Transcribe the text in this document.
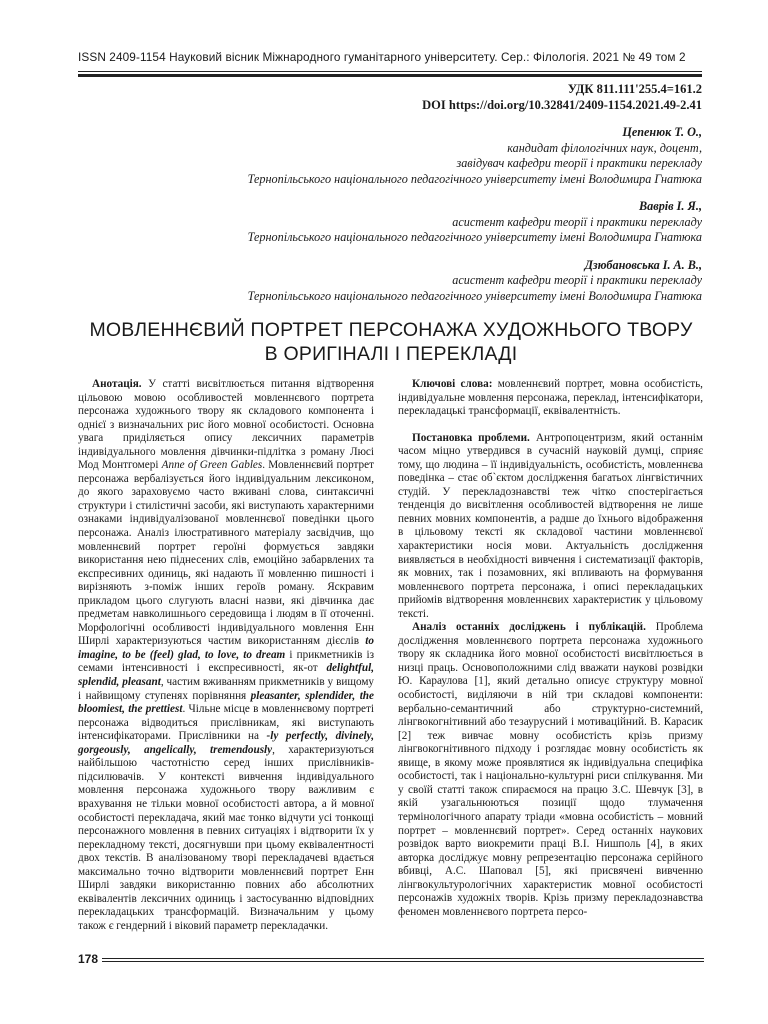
ISSN 2409-1154 Науковий вісник Міжнародного гуманітарного університету. Сер.: Філологія. 2021 № 49 том 2
УДК 811.111'255.4=161.2
DOI https://doi.org/10.32841/2409-1154.2021.49-2.41
Цепенюк Т. О.,
кандидат філологічних наук, доцент,
завідувач кафедри теорії і практики перекладу
Тернопільського національного педагогічного університету імені Володимира Гнатюка
Ваврів І. Я.,
асистент кафедри теорії і практики перекладу
Тернопільського національного педагогічного університету імені Володимира Гнатюка
Дзюбановська І. А. В.,
асистент кафедри теорії і практики перекладу
Тернопільського національного педагогічного університету імені Володимира Гнатюка
МОВЛЕННЄВИЙ ПОРТРЕТ ПЕРСОНАЖА ХУДОЖНЬОГО ТВОРУ
В ОРИГІНАЛІ І ПЕРЕКЛАДІ

Анотація. У статті висвітлюється питання відтворення цільовою мовою особливостей мовленнєвого портрета персонажа художнього твору як складового компонента і однієї з визначальних рис його мовної особистості. Основна увага приділяється опису лексичних параметрів індивідуального мовлення дівчинки-підлітка з роману Люсі Мод Монтгомері Anne of Green Gables. Мовленнєвий портрет персонажа вербалізується його індивідуальним лексиконом, до якого зараховуємо часто вживані слова, синтаксичні структури і стилістичні засоби, які виступають характерними ознаками індивідуалізованої мовленнєвої поведінки цього персонажа. Аналіз ілюстративного матеріалу засвідчив, що мовленнєвий портрет героїні формується завдяки використання нею піднесених слів, емоційно забарвлених та експресивних одиниць, які надають її мовленню пишності і вирізняють з-поміж інших героїв роману. Яскравим прикладом цього слугують власні назви, які дівчинка дає предметам навколишнього середовища і людям в її оточенні. Морфологічні особливості індивідуального мовлення Енн Ширлі характеризуються частим використанням дієслів to imagine, to be (feel) glad, to love, to dream і прикметників із семами інтенсивності і експресивності, як-от delightful, splendid, pleasant, частим вживанням прикметників у вищому і найвищому ступенях порівняння pleasanter, splendider, the bloomiest, the prettiest. Чільне місце в мовленнєвому портреті персонажа відводиться прислівникам, які виступають інтенсифікаторами. Прислівники на -ly perfectly, divinely, gorgeously, angelically, tremendously, характеризуються найбільшою частотністю серед інших прислівників-підсилювачів. У контексті вивчення індивідуального мовлення персонажа художнього твору важливим є врахування не тільки мовної особистості автора, а й мовної особистості перекладача, який має тонко відчути усі тонкощі персонажного мовлення в певних ситуаціях і відтворити їх у перекладному тексті, досягнувши при цьому еквівалентності двох текстів. В аналізованому творі перекладачеві вдається максимально точно відтворити мовленнєвий портрет Енн Ширлі завдяки використанню повних або абсолютних еквівалентів лексичних одиниць і застосуванню відповідних перекладацьких трансформацій. Визначальним у цьому також є гендерний і віковий параметр перекладачки.

Ключові слова: мовленнєвий портрет, мовна особистість, індивідуальне мовлення персонажа, переклад, інтенсифікатори, перекладацькі трансформації, еквівалентність.

Постановка проблеми. Антропоцентризм, який останнім часом міцно утвердився в сучасній науковій думці, сприяє тому, що людина – її індивідуальність, особистість, мовленнєва поведінка – стає об`єктом дослідження багатьох лінгвістичних студій. У перекладознавстві теж чітко спостерігається тенденція до висвітлення особливостей відтворення не лише певних мовних компонентів, а радше до їхнього відображення в цільовому тексті як складової частини мовленнєвої характеристики носія мови. Актуальність дослідження виявляється в необхідності вивчення і систематизації факторів, як мовних, так і позамовних, які впливають на формування мовленнєвого портрета персонажа, і описі перекладацьких прийомів відтворення мовленнєвих характеристик у цільовому тексті.

Аналіз останніх досліджень і публікацій. Проблема дослідження мовленнєвого портрета персонажа художнього твору як складника його мовної особистості висвітлюється в низці праць. Основоположними слід вважати наукові розвідки Ю. Караулова [1], який детально описує структуру мовної особистості, виділяючи в ній три складові компоненти: вербально-семантичний або структурно-системний, лінгвокогнітивний або тезаурусний і мотиваційний. В. Карасик [2] теж вивчає мовну особистість крізь призму лінгвокогнітивного підходу і розглядає мовну особистість як явище, в якому може проявлятися як індивідуальна специфіка особистості, так і національно-культурні риси спілкування. Ми у своїй статті також спираємося на працю З.С. Шевчук [3], в якій узагальнюються позиції щодо тлумачення термінологічного апарату тріади «мовна особистість – мовний портрет – мовленнєвий портрет». Серед останніх наукових розвідок варто виокремити праці В.І. Нишполь [4], в яких авторка досліджує мовну репрезентацію персонажа серійного вбивці, А.С. Шаповал [5], які присвячені вивченню лінгвокультурологічних характеристик мовної особистості персонажів художніх творів. Крізь призму перекладознавства феномен мовленнєвого портрета персо-

178
